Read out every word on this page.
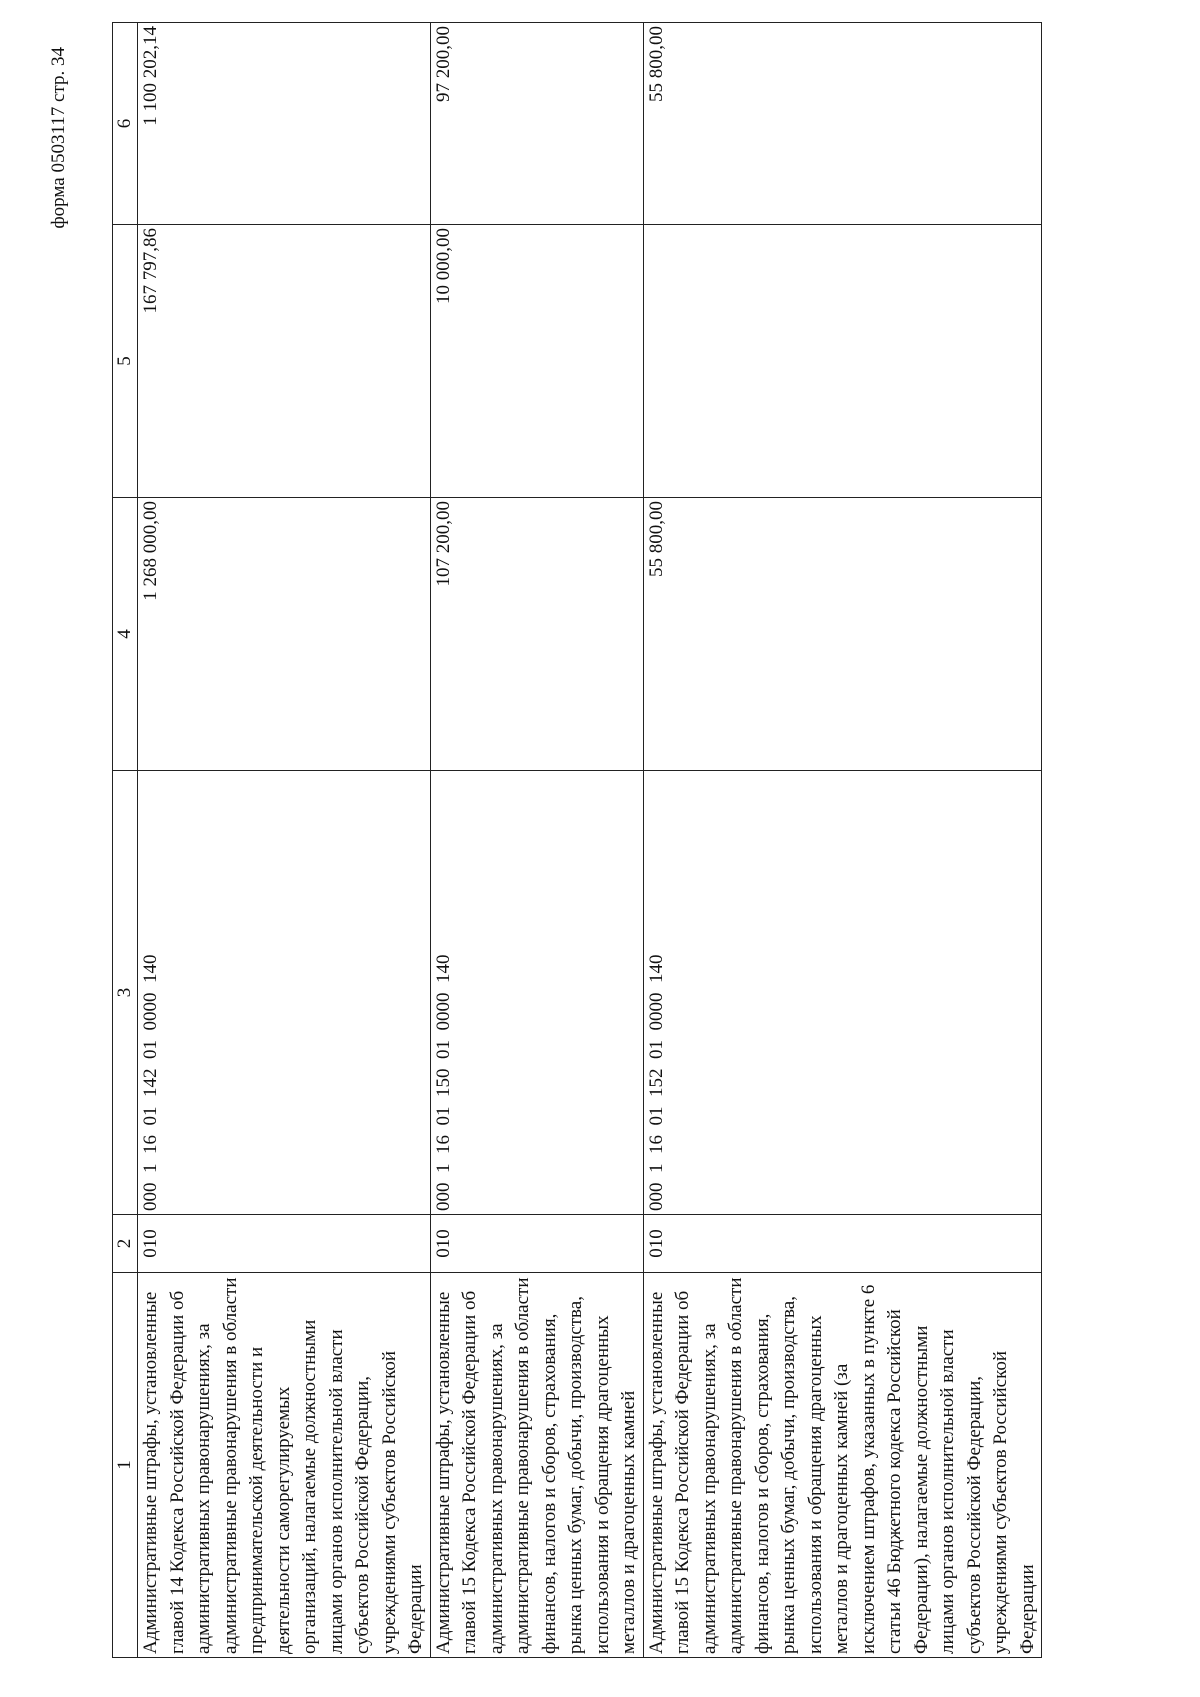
форма 0503117 стр. 34
1	2	3	4	5	6
Административные штрафы, установленные главой 14 Кодекса Российской Федерации об административных правонарушениях, за административные правонарушения в области предпринимательской деятельности и деятельности саморегулируемых организаций, налагаемые должностными лицами органов исполнительной власти субъектов Российской Федерации, учреждениями субъектов Российской Федерации	010	000  1  16  01  142  01  0000  140	1 268 000,00	167 797,86	1 100 202,14
Административные штрафы, установленные главой 15 Кодекса Российской Федерации об административных правонарушениях, за административные правонарушения в области финансов, налогов и сборов, страхования, рынка ценных бумаг, добычи, производства, использования и обращения драгоценных металлов и драгоценных камней	010	000  1  16  01  150  01  0000  140	107 200,00	10 000,00	97 200,00
Административные штрафы, установленные главой 15 Кодекса Российской Федерации об административных правонарушениях, за административные правонарушения в области финансов, налогов и сборов, страхования, рынка ценных бумаг, добычи, производства, использования и обращения драгоценных металлов и драгоценных камней (за исключением штрафов, указанных в пункте 6 статьи 46 Бюджетного кодекса Российской Федерации), налагаемые должностными лицами органов исполнительной власти субъектов Российской Федерации, учреждениями субъектов Российской Федерации	010	000  1  16  01  152  01  0000  140	55 800,00		55 800,00
